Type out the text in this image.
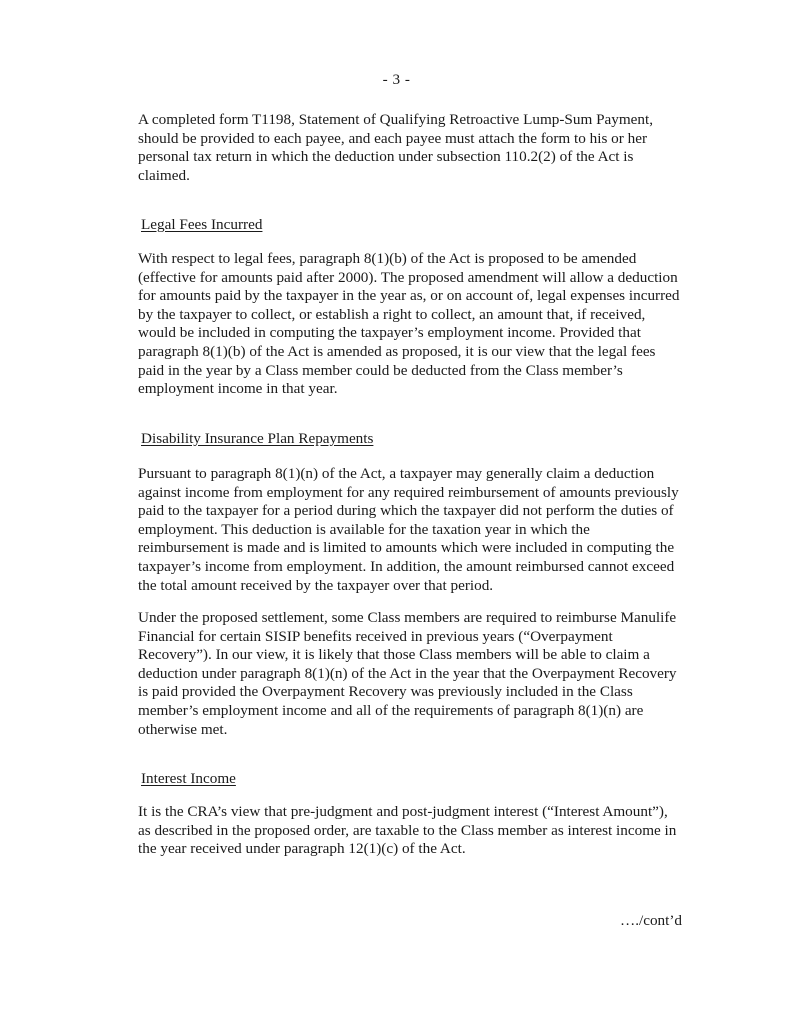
- 3 -

A completed form T1198, Statement of Qualifying Retroactive Lump-Sum Payment,
should be provided to each payee, and each payee must attach the form to his or her
personal tax return in which the deduction under subsection 110.2(2) of the Act is
claimed.

Legal Fees Incurred

With respect to legal fees, paragraph 8(1)(b) of the Act is proposed to be amended
(effective for amounts paid after 2000). The proposed amendment will allow a deduction
for amounts paid by the taxpayer in the year as, or on account of, legal expenses incurred
by the taxpayer to collect, or establish a right to collect, an amount that, if received,
would be included in computing the taxpayer’s employment income. Provided that
paragraph 8(1)(b) of the Act is amended as proposed, it is our view that the legal fees
paid in the year by a Class member could be deducted from the Class member’s
employment income in that year.

Disability Insurance Plan Repayments

Pursuant to paragraph 8(1)(n) of the Act, a taxpayer may generally claim a deduction
against income from employment for any required reimbursement of amounts previously
paid to the taxpayer for a period during which the taxpayer did not perform the duties of
employment. This deduction is available for the taxation year in which the
reimbursement is made and is limited to amounts which were included in computing the
taxpayer’s income from employment. In addition, the amount reimbursed cannot exceed
the total amount received by the taxpayer over that period.

Under the proposed settlement, some Class members are required to reimburse Manulife
Financial for certain SISIP benefits received in previous years (“Overpayment
Recovery”). In our view, it is likely that those Class members will be able to claim a
deduction under paragraph 8(1)(n) of the Act in the year that the Overpayment Recovery
is paid provided the Overpayment Recovery was previously included in the Class
member’s employment income and all of the requirements of paragraph 8(1)(n) are
otherwise met.

Interest Income

It is the CRA’s view that pre-judgment and post-judgment interest (“Interest Amount”),
as described in the proposed order, are taxable to the Class member as interest income in
the year received under paragraph 12(1)(c) of the Act.

…./cont’d
